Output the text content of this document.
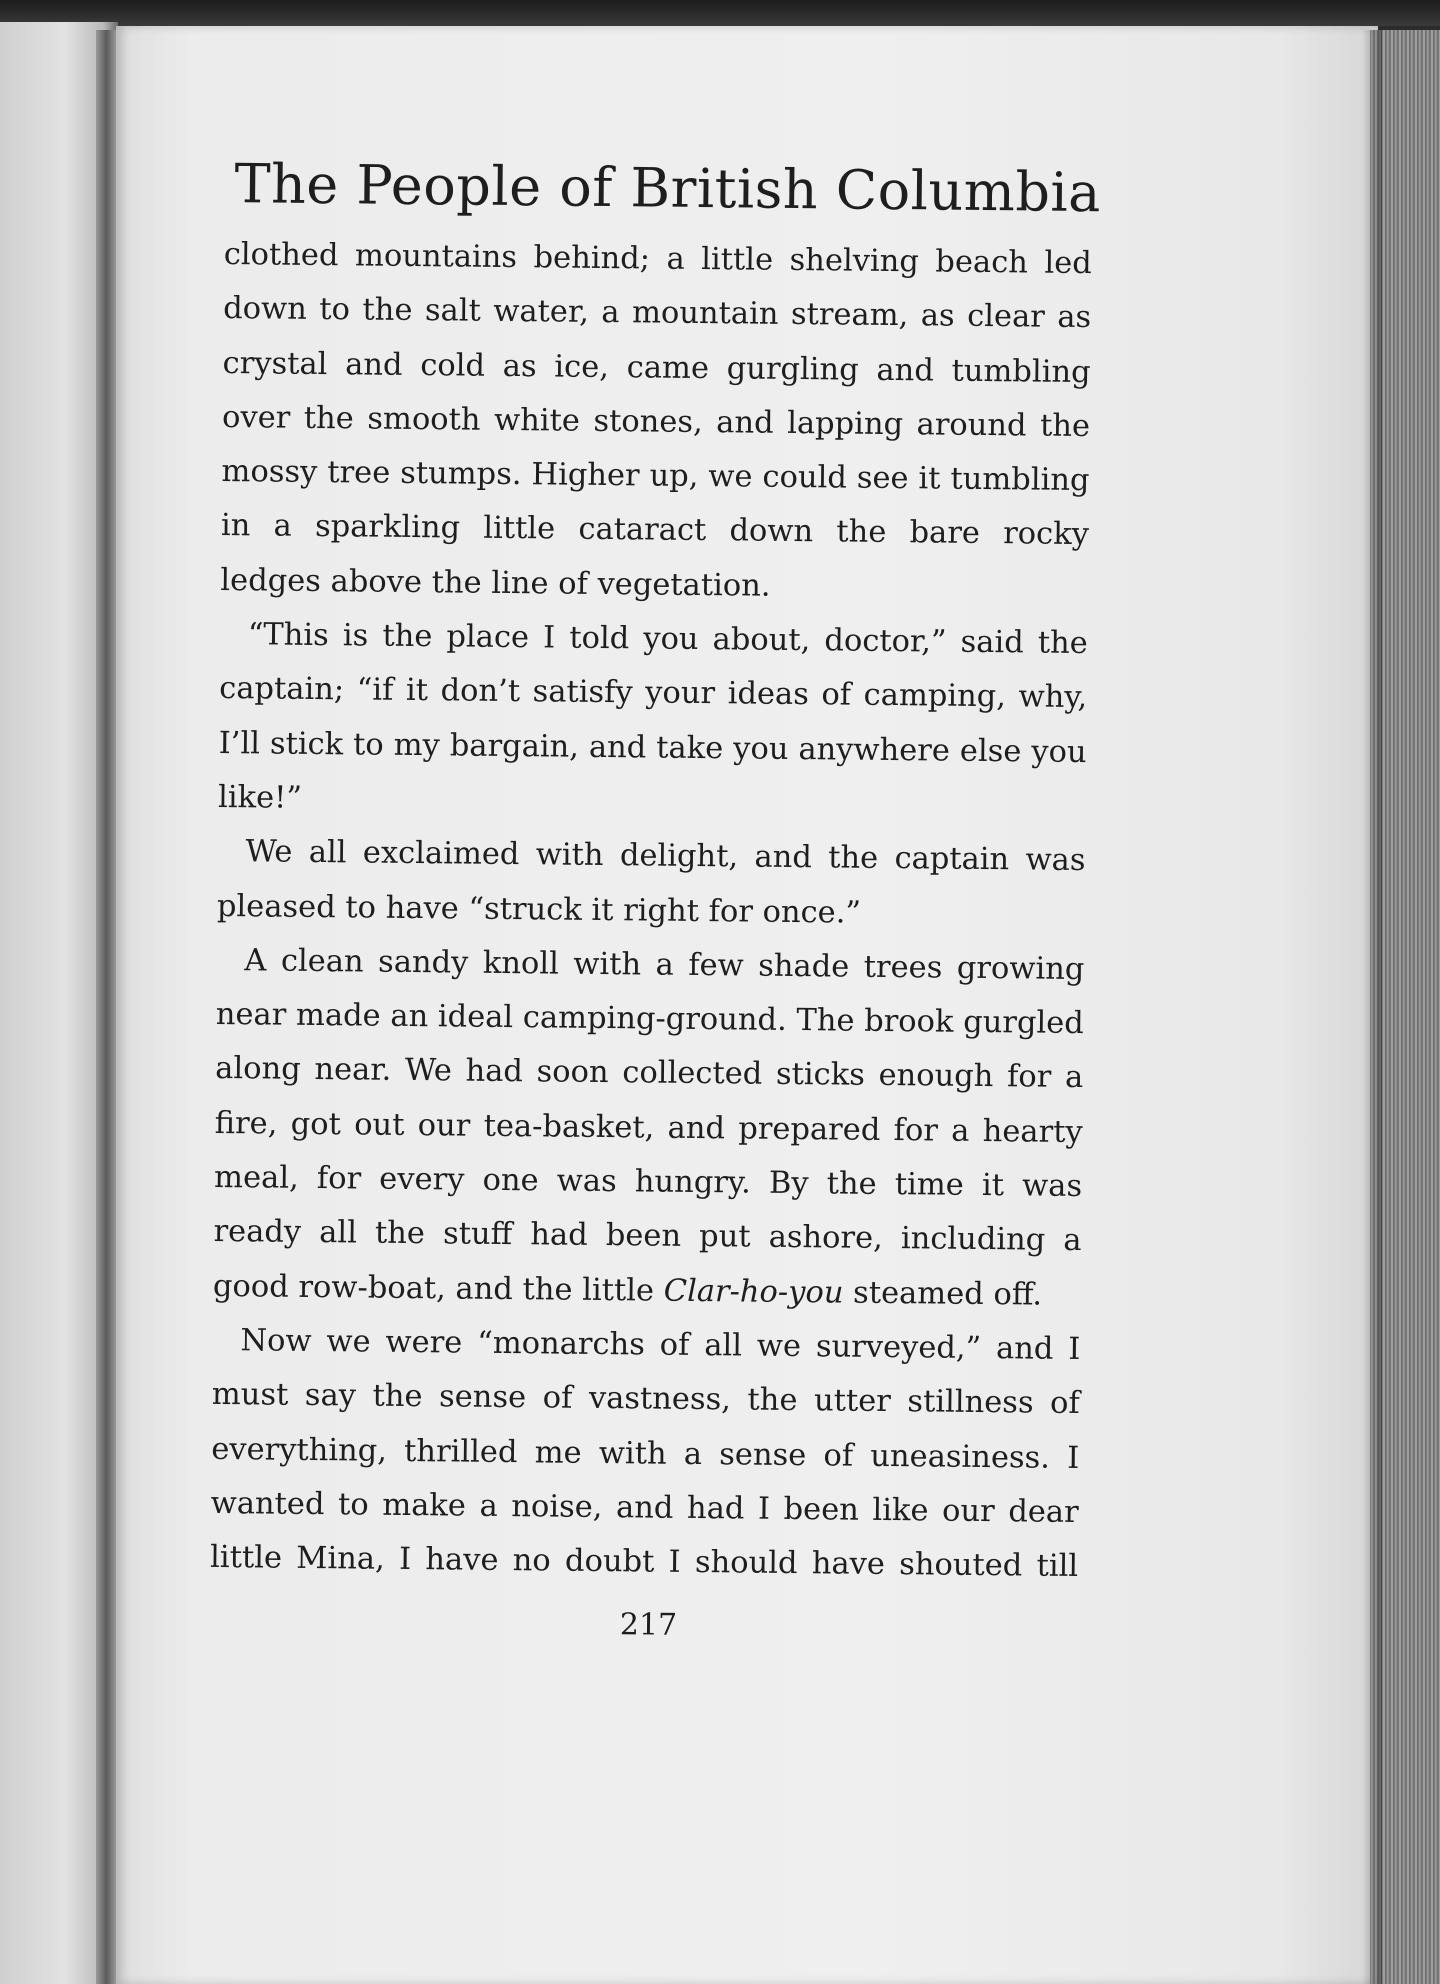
The People of British Columbia

clothed mountains behind; a little shelving beach led down to the salt water, a mountain stream, as clear as crystal and cold as ice, came gurgling and tumbling over the smooth white stones, and lapping around the mossy tree stumps. Higher up, we could see it tumbling in a sparkling little cataract down the bare rocky ledges above the line of vegetation.

“This is the place I told you about, doctor,” said the captain; “if it don’t satisfy your ideas of camping, why, I’ll stick to my bargain, and take you anywhere else you like!”

We all exclaimed with delight, and the captain was pleased to have “struck it right for once.”

A clean sandy knoll with a few shade trees growing near made an ideal camping-ground. The brook gurgled along near. We had soon collected sticks enough for a fire, got out our tea-basket, and prepared for a hearty meal, for every one was hungry. By the time it was ready all the stuff had been put ashore, including a good row-boat, and the little Clar-ho-you steamed off.

Now we were “monarchs of all we surveyed,” and I must say the sense of vastness, the utter stillness of everything, thrilled me with a sense of uneasiness. I wanted to make a noise, and had I been like our dear little Mina, I have no doubt I should have shouted till

217
